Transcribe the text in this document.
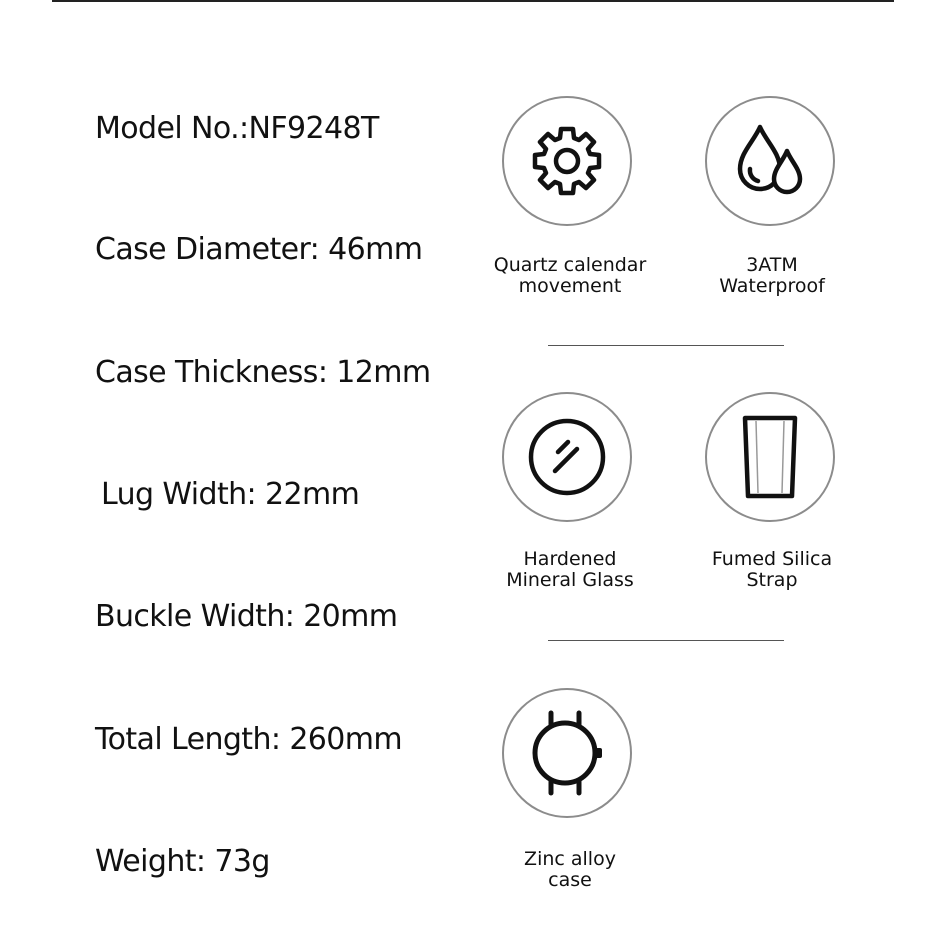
Model No.:NF9248T
Case Diameter: 46mm
Case Thickness: 12mm
Lug Width: 22mm
Buckle Width: 20mm
Total Length: 260mm
Weight: 73g
Quartz calendar
movement
3ATM
Waterproof
Hardened
Mineral Glass
Fumed Silica
Strap
Zinc alloy
case
